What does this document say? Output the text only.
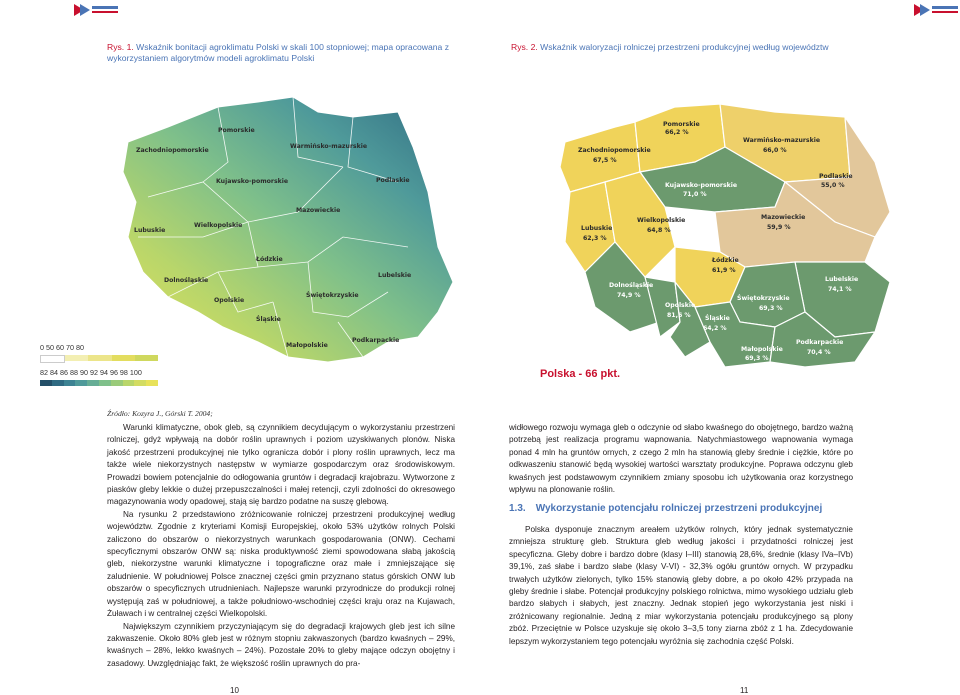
Rys. 1. Wskaźnik bonitacji agroklimatu Polski w skali 100 stopniowej; mapa opracowana z wykorzystaniem algorytmów modeli agroklimatu Polski
Rys. 2. Wskaźnik waloryzacji rolniczej przestrzeni produkcyjnej według województw
Zachodniopomorskie
Pomorskie
Warmińsko-mazurskie
Kujawsko-pomorskie	Podlaskie
Mazowieckie
Lubuskie
Wielkopolskie
Łódzkie
Lubelskie
Dolnośląskie
Opolskie
Świętokrzyskie
Śląskie
Małopolskie
Podkarpackie
0 50 60 70 80
82 84 86 88 90 92 94 96 98 100
Pomorskie
66,2 %
Zachodniopomorskie
67,5 %
Warmińsko-mazurskie
66,0 %
Kujawsko-pomorskie
71,0 %
Podlaskie
55,0 %
Lubuskie
62,3 %
Wielkopolskie
64,8 %
Mazowieckie
59,9 %
Łódzkie
61,9 %
Dolnośląskie
74,9 %
Lubelskie
74,1 %
Opolskie
81,6 %
Świętokrzyskie
69,3 %
Śląskie
64,2 %
Małopolskie
69,3 %
Podkarpackie
70,4 %
Polska - 66 pkt.
Źródło: Kozyra J., Górski T. 2004;

Warunki klimatyczne, obok gleb, są czynnikiem decydującym o wykorzystaniu przestrzeni rolniczej, gdyż wpływają na dobór roślin uprawnych i poziom uzyskiwanych plonów. Niska jakość przestrzeni produkcyjnej nie tylko ogranicza dobór i plony roślin uprawnych, lecz ma także wiele niekorzystnych następstw w wymiarze gospodarczym oraz środowiskowym. Prowadzi bowiem potencjalnie do odłogowania gruntów i degradacji krajobrazu. Wytworzone z piasków gleby lekkie o dużej przepuszczalności i małej retencji, czyli zdolności do okresowego magazynowania wody opadowej, stają się bardzo podatne na suszę glebową.

Na rysunku 2 przedstawiono zróżnicowanie rolniczej przestrzeni produkcyjnej według województw. Zgodnie z kryteriami Komisji Europejskiej, około 53% użytków rolnych Polski zaliczono do obszarów o niekorzystnych warunkach gospodarowania (ONW). Cechami specyficznymi obszarów ONW są: niska produktywność ziemi spowodowana słabą jakością gleb, niekorzystne warunki klimatyczne i topograficzne oraz małe i zmniejszające się zaludnienie. W południowej Polsce znacznej części gmin przyznano status górskich ONW lub obszarów o specyficznych utrudnieniach. Najlepsze warunki przyrodnicze do produkcji rolnej występują zaś w południowej, a także południowo-wschodniej części kraju oraz na Kujawach, Żuławach i w centralnej części Wielkopolski.

Największym czynnikiem przyczyniającym się do degradacji krajowych gleb jest ich silne zakwaszenie. Około 80% gleb jest w różnym stopniu zakwaszonych (bardzo kwaśnych – 29%, kwaśnych – 28%, lekko kwaśnych – 24%). Pozostałe 20% to gleby mające odczyn obojętny i zasadowy. Uwzględniając fakt, że większość roślin uprawnych do pra-

widłowego rozwoju wymaga gleb o odczynie od słabo kwaśnego do obojętnego, bardzo ważną potrzebą jest realizacja programu wapnowania. Natychmiastowego wapnowania wymaga ponad 4 mln ha gruntów ornych, z czego 2 mln ha stanowią gleby średnie i ciężkie, które po odkwaszeniu stanowić będą wysokiej wartości warsztaty produkcyjne. Poprawa odczynu gleb kwaśnych jest podstawowym czynnikiem zmiany sposobu ich użytkowania oraz korzystnego wpływu na plonowanie roślin.

1.3. Wykorzystanie potencjału rolniczej przestrzeni produkcyjnej

Polska dysponuje znacznym areałem użytków rolnych, który jednak systematycznie zmniejsza strukturę gleb. Struktura gleb według jakości i przydatności rolniczej jest specyficzna. Gleby dobre i bardzo dobre (klasy I–III) stanowią 28,6%, średnie (klasy IVa–IVb) 39,1%, zaś słabe i bardzo słabe (klasy V-VI) - 32,3% ogółu gruntów ornych. W przypadku trwałych użytków zielonych, tylko 15% stanowią gleby dobre, a po około 42% przypada na gleby średnie i słabe. Potencjał produkcyjny polskiego rolnictwa, mimo wysokiego udziału gleb bardzo słabych i słabych, jest znaczny. Jednak stopień jego wykorzystania jest niski i zróżnicowany regionalnie. Jedną z miar wykorzystania potencjału produkcyjnego są plony zbóż. Przeciętnie w Polsce uzyskuje się około 3–3,5 tony ziarna zbóż z 1 ha. Zdecydowanie lepszym wykorzystaniem tego potencjału wyróżnia się zachodnia część Polski.

10	11
